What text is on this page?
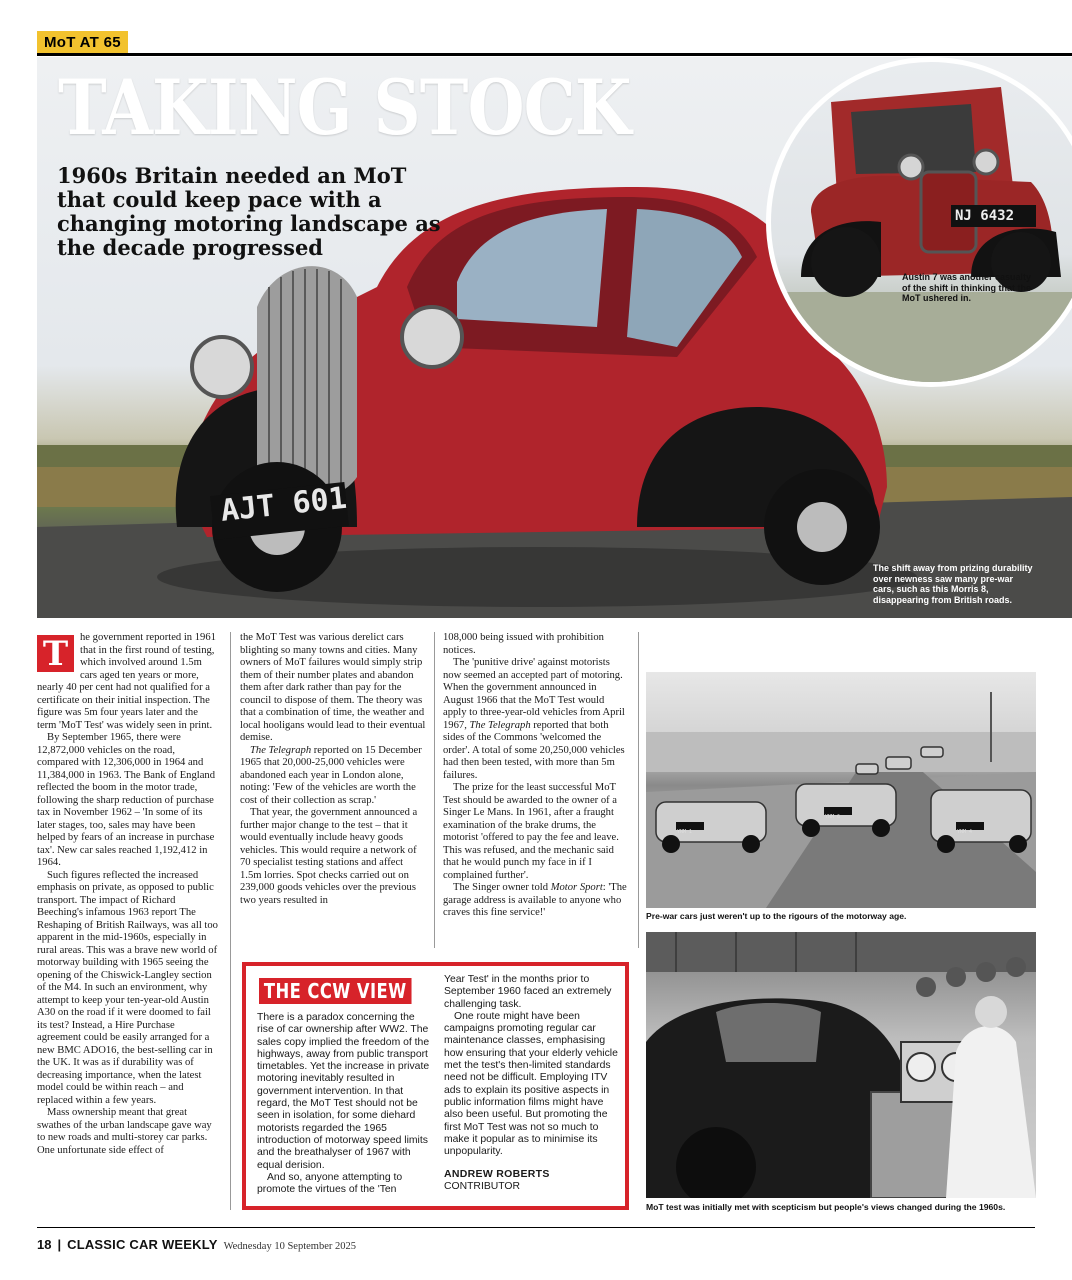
MoT AT 65
AJT 601
TAKING STOCK
1960s Britain needed an MoT that could keep pace with a changing motoring landscape as the decade progressed
NJ 6432
Austin 7 was another casualty of the shift in thinking that the MoT ushered in.
The shift away from prizing durability over newness saw many pre-war cars, such as this Morris 8, disappearing from British roads.
T	he government reported in 1961 that in the first round of testing, which involved around 1.5m cars aged ten years or more, nearly 40 per cent had not qualified for a certificate on their initial inspection. The figure was 5m four years later and the term 'MoT Test' was widely seen in print.

By September 1965, there were 12,872,000 vehicles on the road, compared with 12,306,000 in 1964 and 11,384,000 in 1963. The Bank of England reflected the boom in the motor trade, following the sharp reduction of purchase tax in November 1962 – 'In some of its later stages, too, sales may have been helped by fears of an increase in purchase tax'. New car sales reached 1,192,412 in 1964.

Such figures reflected the increased emphasis on private, as opposed to public transport. The impact of Richard Beeching's infamous 1963 report The Reshaping of British Railways, was all too apparent in the mid-1960s, especially in rural areas. This was a brave new world of motorway building with 1965 seeing the opening of the Chiswick-Langley section of the M4. In such an environment, why attempt to keep your ten-year-old Austin A30 on the road if it were doomed to fail its test? Instead, a Hire Purchase agreement could be easily arranged for a new BMC ADO16, the best-selling car in the UK. It was as if durability was of decreasing importance, when the latest model could be within reach – and replaced within a few years.

Mass ownership meant that great swathes of the urban landscape gave way to new roads and multi-storey car parks. One unfortunate side effect of

the MoT Test was various derelict cars blighting so many towns and cities. Many owners of MoT failures would simply strip them of their number plates and abandon them after dark rather than pay for the council to dispose of them. The theory was that a combination of time, the weather and local hooligans would lead to their eventual demise.

The Telegraph reported on 15 December 1965 that 20,000-25,000 vehicles were abandoned each year in London alone, noting: 'Few of the vehicles are worth the cost of their collection as scrap.'

That year, the government announced a further major change to the test – that it would eventually include heavy goods vehicles. This would require a network of 70 specialist testing stations and affect 1.5m lorries. Spot checks carried out on 239,000 goods vehicles over the previous two years resulted in

108,000 being issued with prohibition notices.

The 'punitive drive' against motorists now seemed an accepted part of motoring. When the government announced in August 1966 that the MoT Test would apply to three-year-old vehicles from April 1967, The Telegraph reported that both sides of the Commons 'welcomed the order'. A total of some 20,250,000 vehicles had then been tested, with more than 5m failures.

The prize for the least successful MoT Test should be awarded to the owner of a Singer Le Mans. In 1961, after a fraught examination of the brake drums, the motorist 'offered to pay the fee and leave. This was refused, and the mechanic said that he would punch my face in if I complained further'.

The Singer owner told Motor Sport: 'The garage address is available to anyone who craves this fine service!'

THE CCW VIEW

There is a paradox concerning the rise of car ownership after WW2. The sales copy implied the freedom of the highways, away from public transport timetables. Yet the increase in private motoring inevitably resulted in government intervention. In that regard, the MoT Test should not be seen in isolation, for some diehard motorists regarded the 1965 introduction of motorway speed limits and the breathalyser of 1967 with equal derision.

And so, anyone attempting to promote the virtues of the 'Ten

Year Test' in the months prior to September 1960 faced an extremely challenging task.

One route might have been campaigns promoting regular car maintenance classes, emphasising how ensuring that your elderly vehicle met the test's then-limited standards need not be difficult. Employing ITV ads to explain its positive aspects in public information films might have also been useful. But promoting the first MoT Test was not so much to make it popular as to minimise its unpopularity.

ANDREW ROBERTS
CONTRIBUTOR
YNM 1
YNM 6
YNM 4
Pre-war cars just weren't up to the rigours of the motorway age.
MoT test was initially met with scepticism but people's views changed during the 1960s.
18 | CLASSIC CAR WEEKLY Wednesday 10 September 2025
